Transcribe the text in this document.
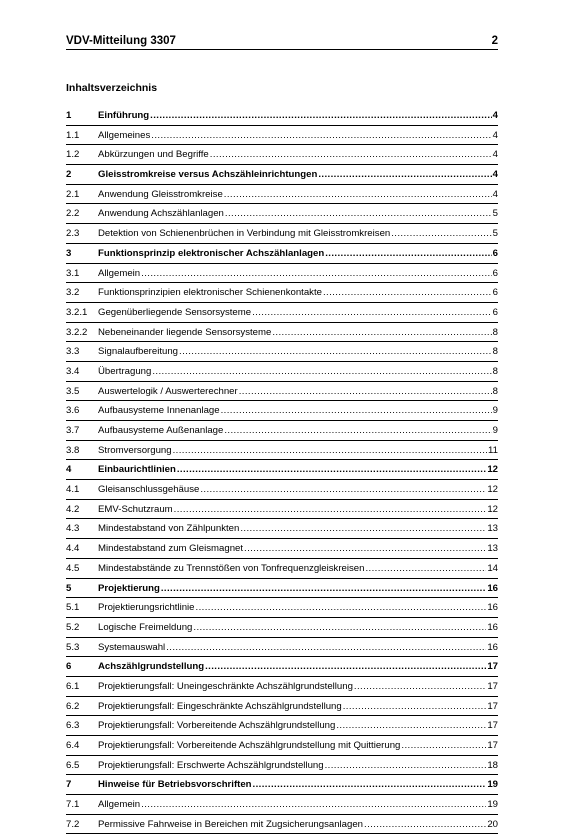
VDV-Mitteilung 3307	2
Inhaltsverzeichnis
1	Einführung .....	4
1.1 Allgemeines .....	4
1.2 Abkürzungen und Begriffe .....	4
2	Gleisstromkreise versus Achszähleinrichtungen .....	4
2.1 Anwendung Gleisstromkreise .....	4
2.2 Anwendung Achszählanlagen .....	5
2.3 Detektion von Schienenbrüchen in Verbindung mit Gleisstromkreisen .....	5
3	Funktionsprinzip elektronischer Achszählanlagen .....	6
3.1 Allgemein .....	6
3.2 Funktionsprinzipien elektronischer Schienenkontakte .....	6
3.2.1 Gegenüberliegende Sensorsysteme .....	6
3.2.2 Nebeneinander liegende Sensorsysteme .....	8
3.3 Signalaufbereitung .....	8
3.4 Übertragung .....	8
3.5 Auswertelogik / Auswerterechner .....	8
3.6 Aufbausysteme Innenanlage .....	9
3.7 Aufbausysteme Außenanlage .....	9
3.8 Stromversorgung .....	11
4	Einbaurichtlinien .....	12
4.1 Gleisanschlussgehäuse .....	12
4.2 EMV-Schutzraum .....	12
4.3 Mindestabstand von Zählpunkten .....	13
4.4 Mindestabstand zum Gleismagnet .....	13
4.5 Mindestabstände zu Trennstößen von Tonfrequenzgleiskreisen .....	14
5	Projektierung .....	16
5.1 Projektierungsrichtlinie .....	16
5.2 Logische Freimeldung .....	16
5.3 Systemauswahl .....	16
6	Achszählgrundstellung .....	17
6.1 Projektierungsfall: Uneingeschränkte Achszählgrundstellung .....	17
6.2 Projektierungsfall: Eingeschränkte Achszählgrundstellung .....	17
6.3 Projektierungsfall: Vorbereitende Achszählgrundstellung .....	17
6.4 Projektierungsfall: Vorbereitende Achszählgrundstellung mit Quittierung .....	17
6.5 Projektierungsfall: Erschwerte Achszählgrundstellung .....	18
7	Hinweise für Betriebsvorschriften .....	19
7.1 Allgemein .....	19
7.2 Permissive Fahrweise in Bereichen mit Zugsicherungsanlagen .....	20
